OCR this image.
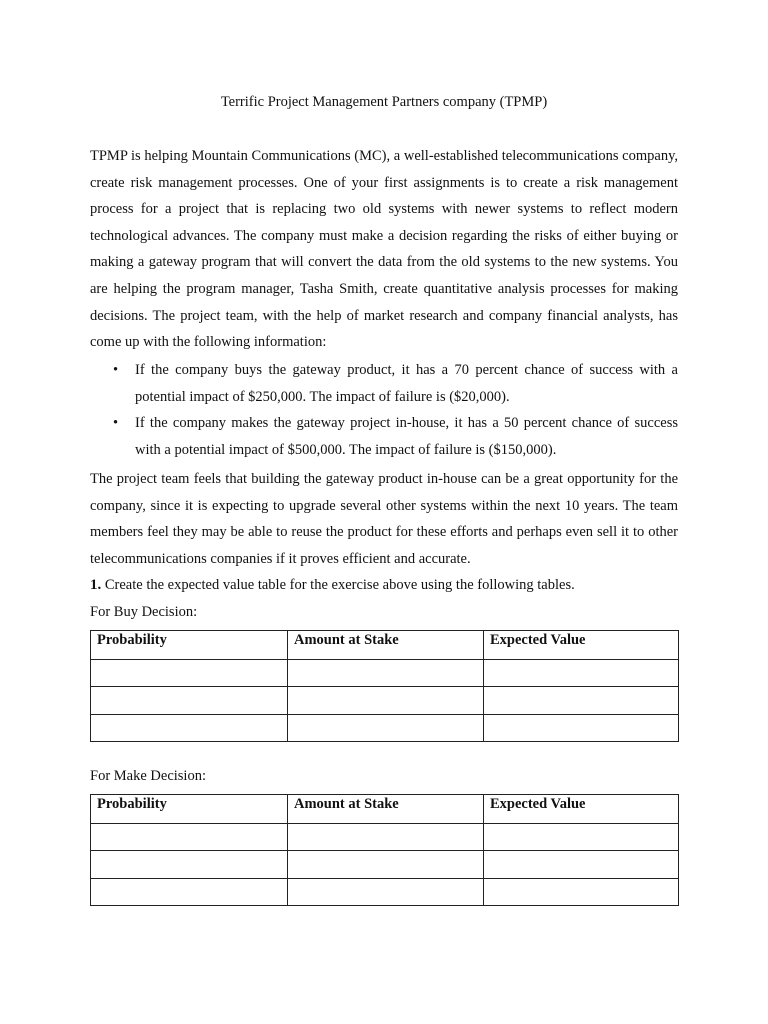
Terrific Project Management Partners company (TPMP)
TPMP is helping Mountain Communications (MC), a well-established telecommunications company, create risk management processes. One of your first assignments is to create a risk management process for a project that is replacing two old systems with newer systems to reflect modern technological advances. The company must make a decision regarding the risks of either buying or making a gateway program that will convert the data from the old systems to the new systems. You are helping the program manager, Tasha Smith, create quantitative analysis processes for making decisions. The project team, with the help of market research and company financial analysts, has come up with the following information:
• If the company buys the gateway product, it has a 70 percent chance of success with a potential impact of $250,000. The impact of failure is ($20,000).
• If the company makes the gateway project in-house, it has a 50 percent chance of success with a potential impact of $500,000. The impact of failure is ($150,000).
The project team feels that building the gateway product in-house can be a great opportunity for the company, since it is expecting to upgrade several other systems within the next 10 years. The team members feel they may be able to reuse the product for these efforts and perhaps even sell it to other telecommunications companies if it proves efficient and accurate.
1. Create the expected value table for the exercise above using the following tables.
For Buy Decision:
Probability	Amount at Stake	Expected Value

For Make Decision:
Probability	Amount at Stake	Expected Value
